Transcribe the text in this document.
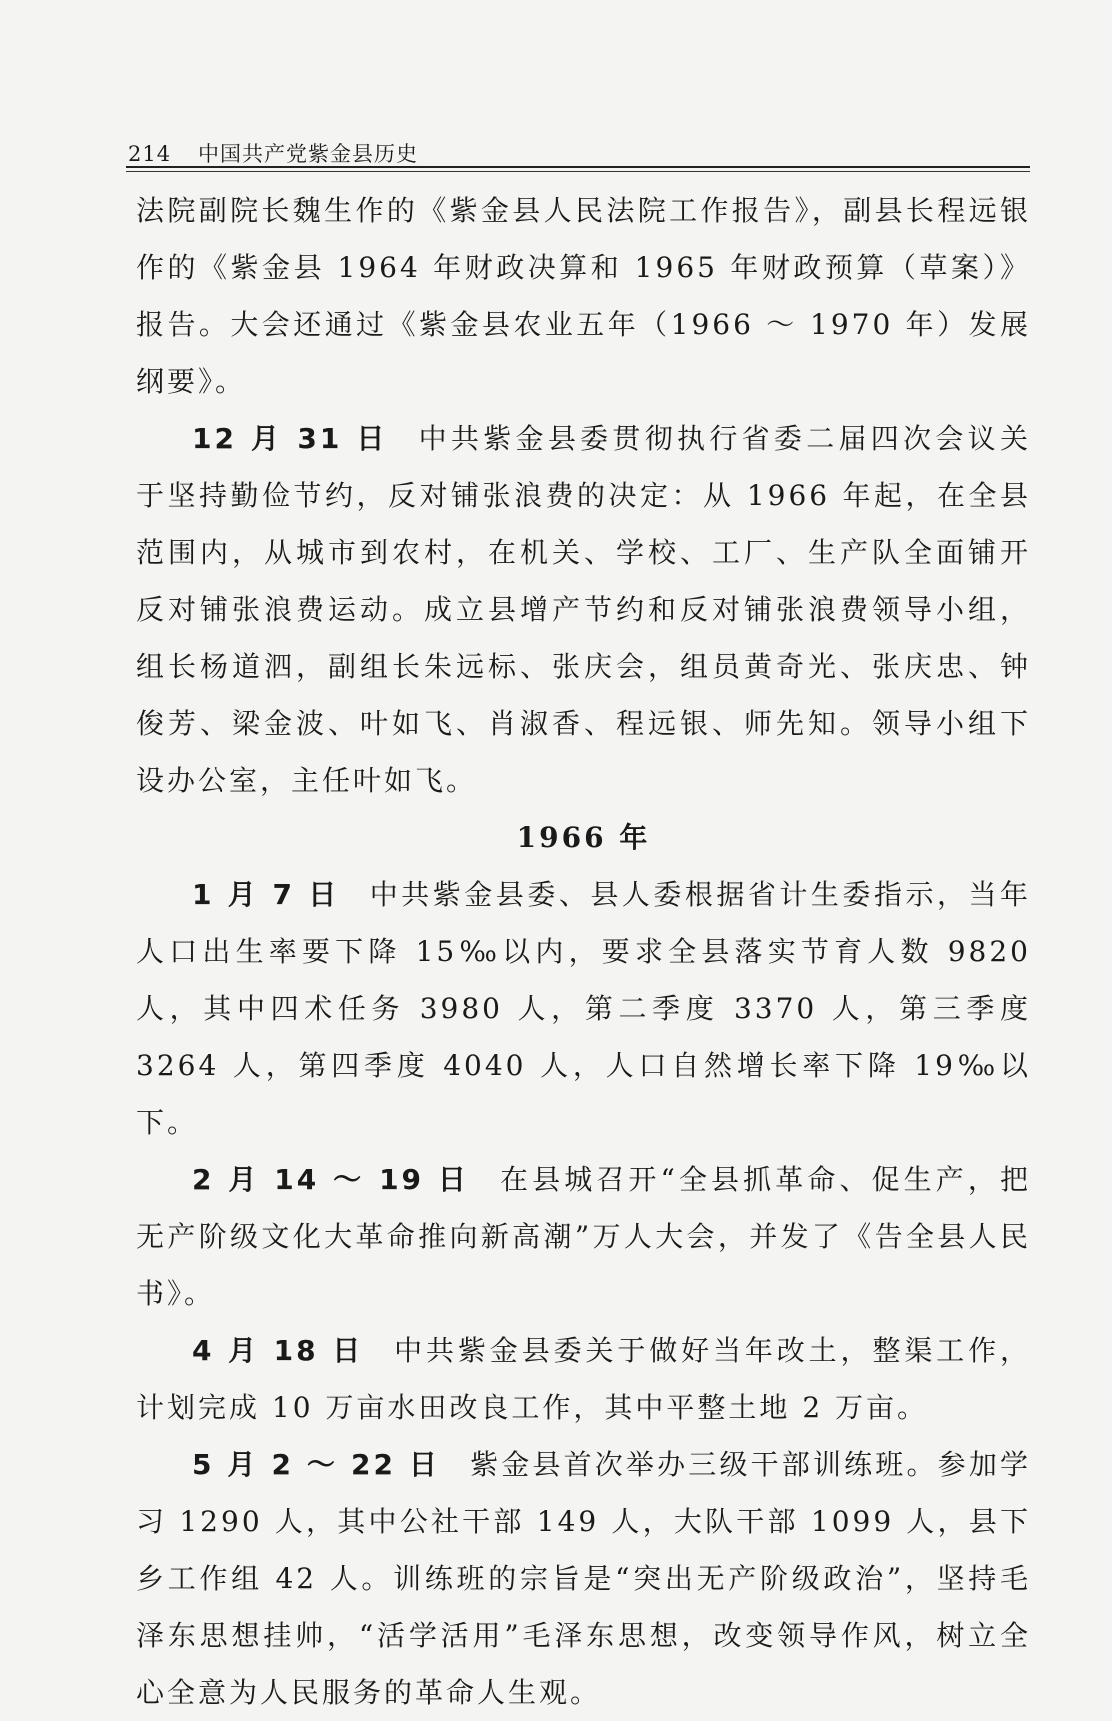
214	中国共产党紫金县历史

法院副院长魏生作的《紫金县人民法院工作报告》，副县长程远银作的《紫金县 1964 年财政决算和 1965 年财政预算（草案）》报告。大会还通过《紫金县农业五年（1966 ～ 1970 年）发展纲要》。

12 月 31 日 中共紫金县委贯彻执行省委二届四次会议关于坚持勤俭节约，反对铺张浪费的决定：从 1966 年起，在全县范围内，从城市到农村，在机关、学校、工厂、生产队全面铺开反对铺张浪费运动。成立县增产节约和反对铺张浪费领导小组，组长杨道泗，副组长朱远标、张庆会，组员黄奇光、张庆忠、钟俊芳、梁金波、叶如飞、肖淑香、程远银、师先知。领导小组下设办公室，主任叶如飞。

1966 年

1 月 7 日 中共紫金县委、县人委根据省计生委指示，当年人口出生率要下降 15‰以内，要求全县落实节育人数 9820 人，其中四术任务 3980 人，第二季度 3370 人，第三季度 3264 人，第四季度 4040 人，人口自然增长率下降 19‰以下。

2 月 14 ～ 19 日 在县城召开“全县抓革命、促生产，把无产阶级文化大革命推向新高潮”万人大会，并发了《告全县人民书》。

4 月 18 日 中共紫金县委关于做好当年改土，整渠工作，计划完成 10 万亩水田改良工作，其中平整土地 2 万亩。

5 月 2 ～ 22 日 紫金县首次举办三级干部训练班。参加学习 1290 人，其中公社干部 149 人，大队干部 1099 人，县下乡工作组 42 人。训练班的宗旨是“突出无产阶级政治”，坚持毛泽东思想挂帅，“活学活用”毛泽东思想，改变领导作风，树立全心全意为人民服务的革命人生观。
